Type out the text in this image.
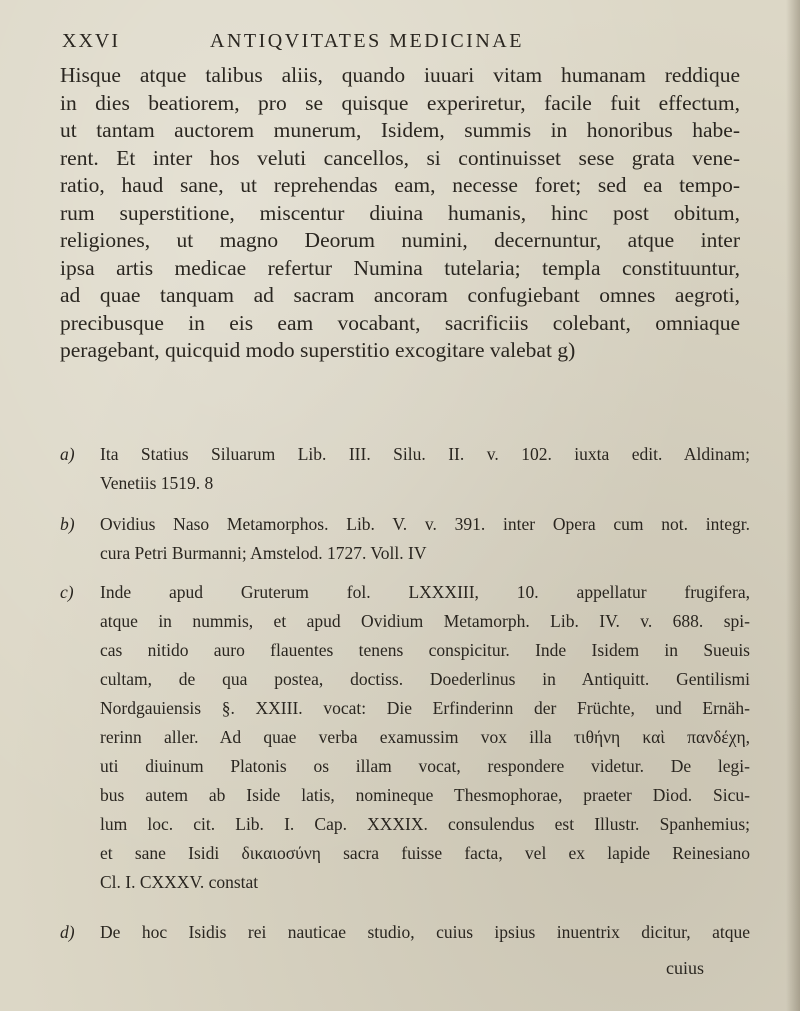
XXVI	ANTIQVITATES MEDICINAE
Hisque atque talibus aliis, quando iuuari vitam humanam reddique
in dies beatiorem, pro se quisque experiretur, facile fuit effectum,
ut tantam auctorem munerum, Isidem, summis in honoribus habe-
rent. Et inter hos veluti cancellos, si continuisset sese grata vene-
ratio, haud sane, ut reprehendas eam, necesse foret; sed ea tempo-
rum superstitione, miscentur diuina humanis, hinc post obitum,
religiones, ut magno Deorum numini, decernuntur, atque inter
ipsa artis medicae refertur Numina tutelaria; templa constituuntur,
ad quae tanquam ad sacram ancoram confugiebant omnes aegroti,
precibusque in eis eam vocabant, sacrificiis colebant, omniaque
peragebant, quicquid modo superstitio excogitare valebat g)
a)	Ita Statius Siluarum Lib. III. Silu. II. v. 102. iuxta edit. Aldinam;
Venetiis 1519. 8
b)	Ovidius Naso Metamorphos. Lib. V. v. 391. inter Opera cum not. integr.
cura Petri Burmanni; Amstelod. 1727. Voll. IV
c)	Inde apud Gruterum fol. LXXXIII, 10. appellatur frugifera,
atque in nummis, et apud Ovidium Metamorph. Lib. IV. v. 688. spi-
cas nitido auro flauentes tenens conspicitur. Inde Isidem in Sueuis
cultam, de qua postea, doctiss. Doederlinus in Antiquitt. Gentilismi
Nordgauiensis §. XXIII. vocat: Die Erfinderinn der Früchte, und Ernäh-
rerinn aller. Ad quae verba examussim vox illa τιθήνη καὶ πανδέχη,
uti diuinum Platonis os illam vocat, respondere videtur. De legi-
bus autem ab Iside latis, nomineque Thesmophorae, praeter Diod. Sicu-
lum loc. cit. Lib. I. Cap. XXXIX. consulendus est Illustr. Spanhemius;
et sane Isidi δικαιοσύνη sacra fuisse facta, vel ex lapide Reinesiano
Cl. I. CXXXV. constat
d)	De hoc Isidis rei nauticae studio, cuius ipsius inuentrix dicitur, atque
cuius
